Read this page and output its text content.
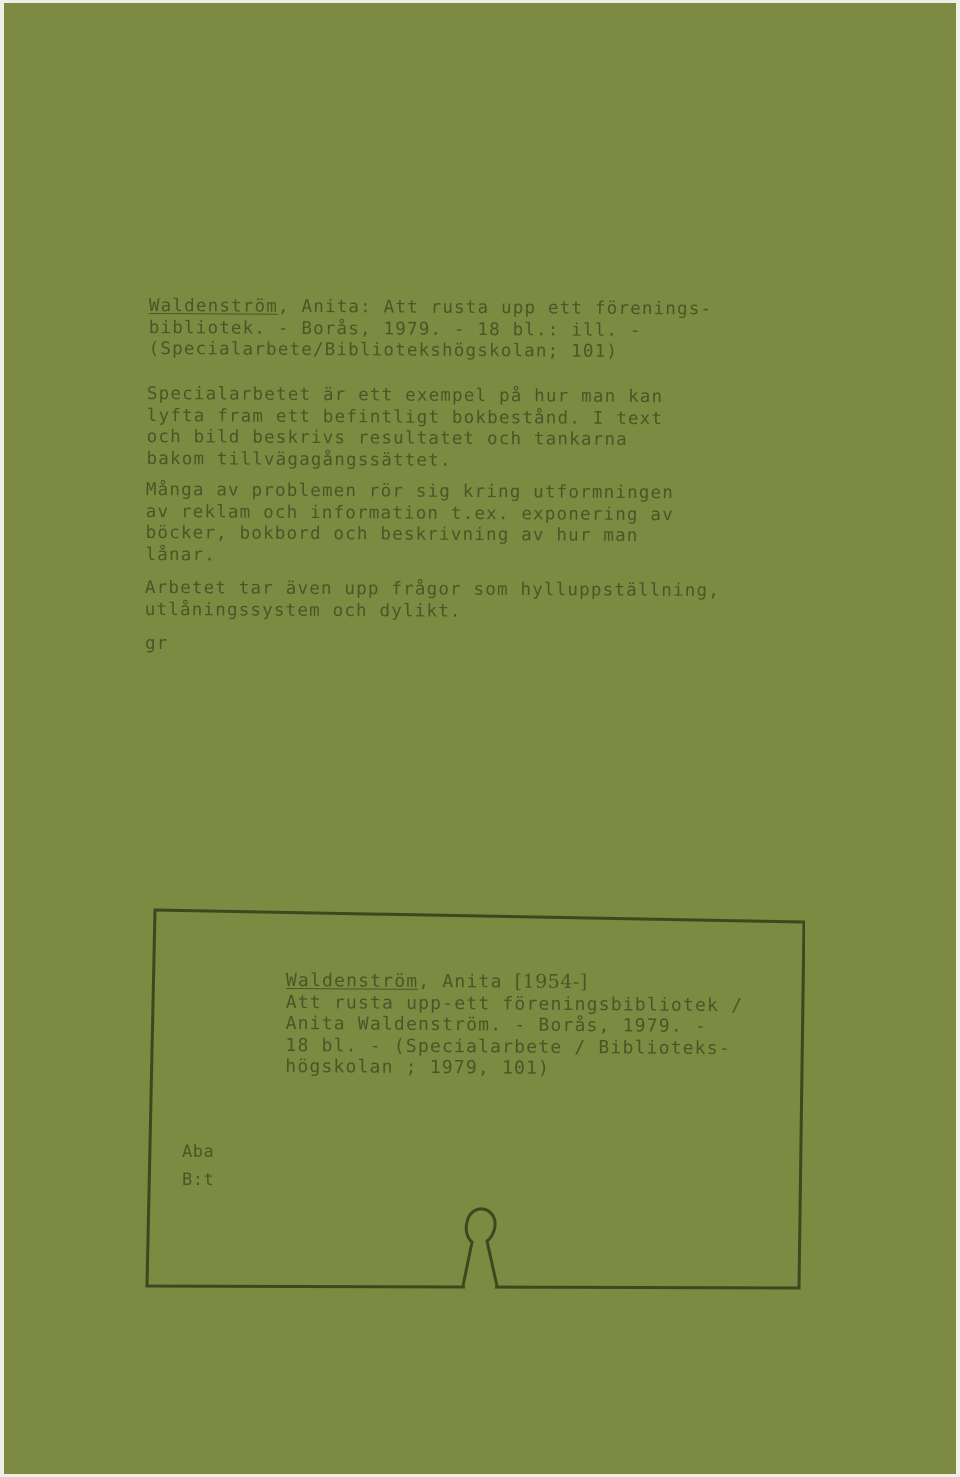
Waldenström, Anita: Att rusta upp ett förenings-
bibliotek. - Borås, 1979. - 18 bl.: ill. -
(Specialarbete/Bibliotekshögskolan; 101)
Specialarbetet är ett exempel på hur man kan
lyfta fram ett befintligt bokbestånd. I text
och bild beskrivs resultatet och tankarna
bakom tillvägagångssättet.
Många av problemen rör sig kring utformningen
av reklam och information t.ex. exponering av
böcker, bokbord och beskrivning av hur man
lånar.
Arbetet tar även upp frågor som hylluppställning,
utlåningssystem och dylikt.
gr
Waldenström, Anita [1954-]
Att rusta upp-ett föreningsbibliotek /
Anita Waldenström. - Borås, 1979. -
18 bl. - (Specialarbete / Biblioteks-
högskolan ; 1979, 101)
Aba
B:t
